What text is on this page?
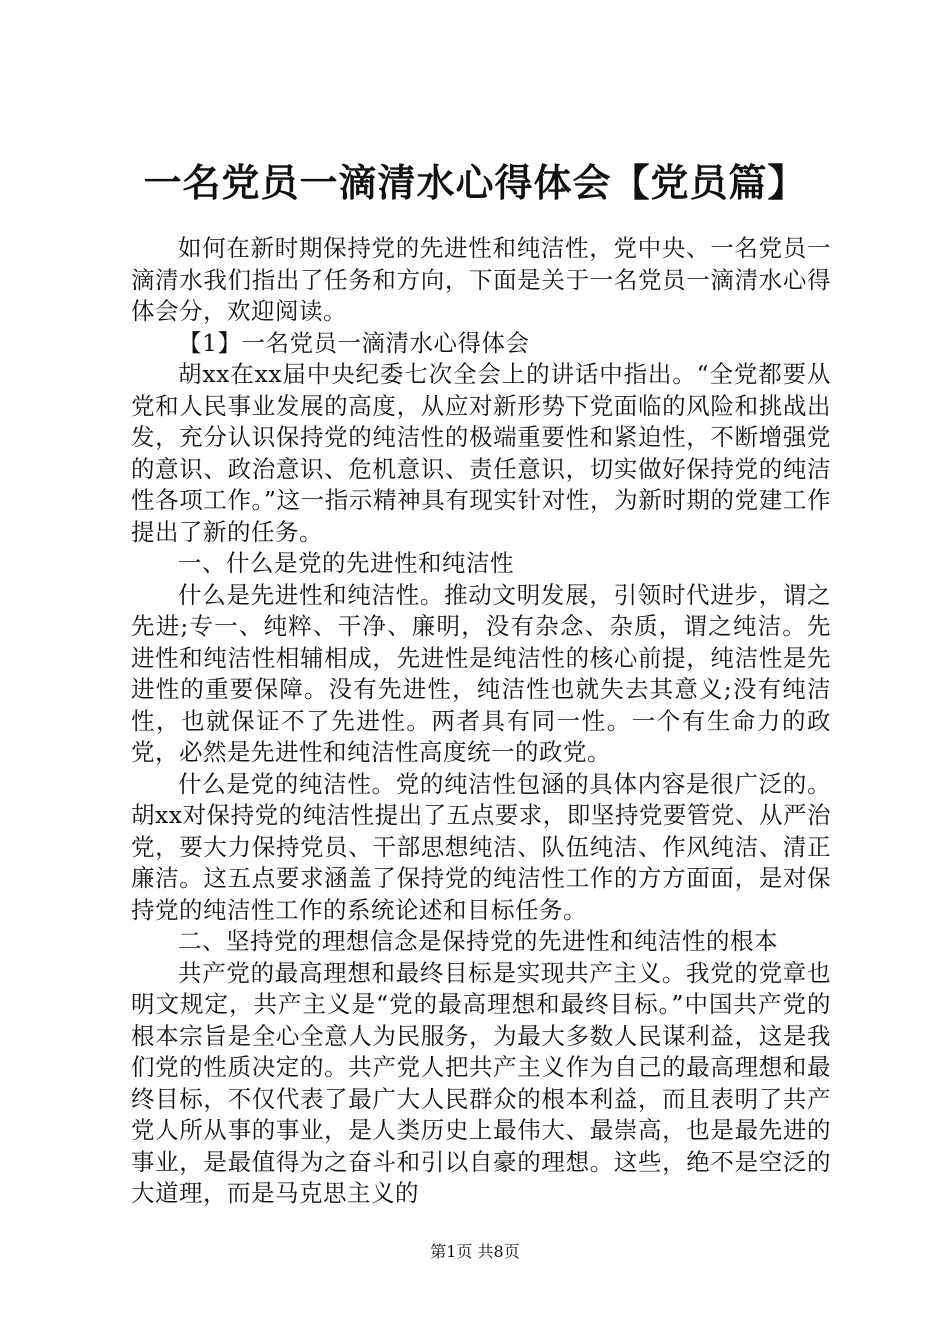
一名党员一滴清水心得体会【党员篇】

如何在新时期保持党的先进性和纯洁性，党中央、一名党员一滴清水我们指出了任务和方向，下面是关于一名党员一滴清水心得体会分，欢迎阅读。

【1】一名党员一滴清水心得体会

胡xx在xx届中央纪委七次全会上的讲话中指出。“全党都要从党和人民事业发展的高度，从应对新形势下党面临的风险和挑战出发，充分认识保持党的纯洁性的极端重要性和紧迫性，不断增强党的意识、政治意识、危机意识、责任意识，切实做好保持党的纯洁性各项工作。”这一指示精神具有现实针对性，为新时期的党建工作提出了新的任务。

一、什么是党的先进性和纯洁性

什么是先进性和纯洁性。推动文明发展，引领时代进步，谓之先进;专一、纯粹、干净、廉明，没有杂念、杂质，谓之纯洁。先进性和纯洁性相辅相成，先进性是纯洁性的核心前提，纯洁性是先进性的重要保障。没有先进性，纯洁性也就失去其意义;没有纯洁性，也就保证不了先进性。两者具有同一性。一个有生命力的政党，必然是先进性和纯洁性高度统一的政党。

什么是党的纯洁性。党的纯洁性包涵的具体内容是很广泛的。胡xx对保持党的纯洁性提出了五点要求，即坚持党要管党、从严治党，要大力保持党员、干部思想纯洁、队伍纯洁、作风纯洁、清正廉洁。这五点要求涵盖了保持党的纯洁性工作的方方面面，是对保持党的纯洁性工作的系统论述和目标任务。

二、坚持党的理想信念是保持党的先进性和纯洁性的根本

共产党的最高理想和最终目标是实现共产主义。我党的党章也明文规定，共产主义是“党的最高理想和最终目标。”中国共产党的根本宗旨是全心全意人为民服务，为最大多数人民谋利益，这是我们党的性质决定的。共产党人把共产主义作为自己的最高理想和最终目标，不仅代表了最广大人民群众的根本利益，而且表明了共产党人所从事的事业，是人类历史上最伟大、最崇高，也是最先进的事业，是最值得为之奋斗和引以自豪的理想。这些，绝不是空泛的大道理，而是马克思主义的

第1页 共8页
